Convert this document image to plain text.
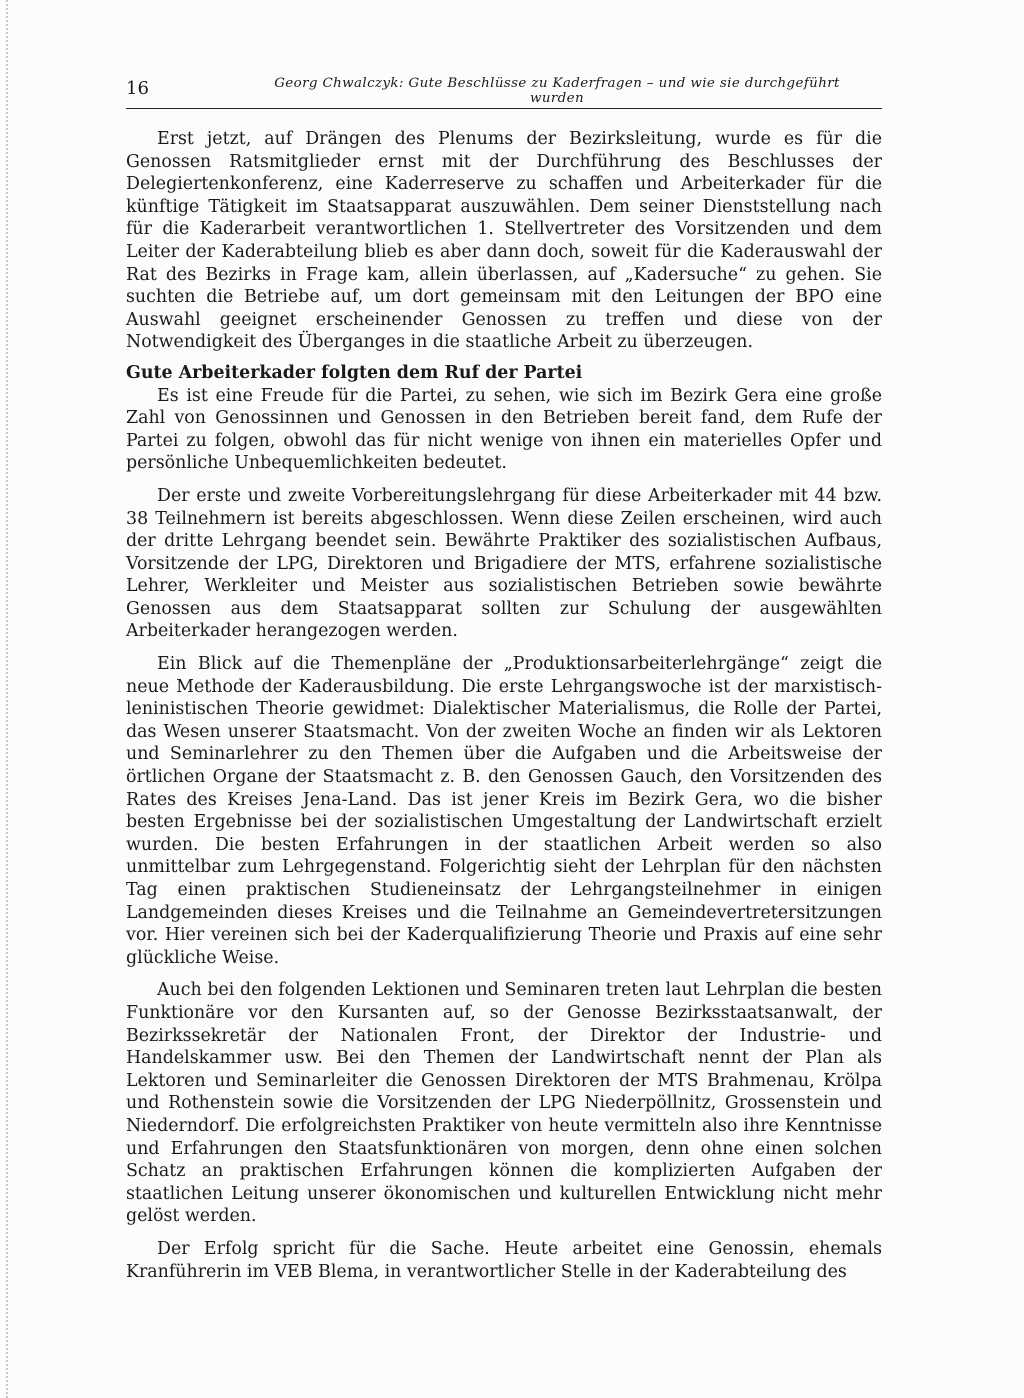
16	Georg Chwalczyk: Gute Beschlüsse zu Kaderfragen – und wie sie durchgeführt
wurden

Erst jetzt, auf Drängen des Plenums der Bezirksleitung, wurde es für die Genossen Ratsmitglieder ernst mit der Durchführung des Beschlusses der Delegiertenkonferenz, eine Kaderreserve zu schaffen und Arbeiterkader für die künftige Tätigkeit im Staatsapparat auszuwählen. Dem seiner Dienststellung nach für die Kaderarbeit verantwortlichen 1. Stellvertreter des Vorsitzenden und dem Leiter der Kaderabteilung blieb es aber dann doch, soweit für die Kaderauswahl der Rat des Bezirks in Frage kam, allein überlassen, auf „Kadersuche“ zu gehen. Sie suchten die Betriebe auf, um dort gemeinsam mit den Leitungen der BPO eine Auswahl geeignet erscheinender Genossen zu treffen und diese von der Notwendigkeit des Überganges in die staatliche Arbeit zu überzeugen.

Gute Arbeiterkader folgten dem Ruf der Partei

Es ist eine Freude für die Partei, zu sehen, wie sich im Bezirk Gera eine große Zahl von Genossinnen und Genossen in den Betrieben bereit fand, dem Rufe der Partei zu folgen, obwohl das für nicht wenige von ihnen ein materielles Opfer und persönliche Unbequemlichkeiten bedeutet.

Der erste und zweite Vorbereitungslehrgang für diese Arbeiterkader mit 44 bzw. 38 Teilnehmern ist bereits abgeschlossen. Wenn diese Zeilen erscheinen, wird auch der dritte Lehrgang beendet sein. Bewährte Praktiker des sozialistischen Aufbaus, Vorsitzende der LPG, Direktoren und Brigadiere der MTS, erfahrene sozialistische Lehrer, Werkleiter und Meister aus sozialistischen Betrieben sowie bewährte Genossen aus dem Staatsapparat sollten zur Schulung der ausgewählten Arbeiterkader herangezogen werden.

Ein Blick auf die Themenpläne der „Produktionsarbeiterlehrgänge“ zeigt die neue Methode der Kaderausbildung. Die erste Lehrgangswoche ist der marxistisch-leninistischen Theorie gewidmet: Dialektischer Materialismus, die Rolle der Partei, das Wesen unserer Staatsmacht. Von der zweiten Woche an finden wir als Lektoren und Seminarlehrer zu den Themen über die Aufgaben und die Arbeitsweise der örtlichen Organe der Staatsmacht z. B. den Genossen Gauch, den Vorsitzenden des Rates des Kreises Jena-Land. Das ist jener Kreis im Bezirk Gera, wo die bisher besten Ergebnisse bei der sozialistischen Umgestaltung der Landwirtschaft erzielt wurden. Die besten Erfahrungen in der staatlichen Arbeit werden so also unmittelbar zum Lehrgegenstand. Folgerichtig sieht der Lehrplan für den nächsten Tag einen praktischen Studieneinsatz der Lehrgangsteilnehmer in einigen Landgemeinden dieses Kreises und die Teilnahme an Gemeindevertretersitzungen vor. Hier vereinen sich bei der Kaderqualifizierung Theorie und Praxis auf eine sehr glückliche Weise.

Auch bei den folgenden Lektionen und Seminaren treten laut Lehrplan die besten Funktionäre vor den Kursanten auf, so der Genosse Bezirksstaatsanwalt, der Bezirkssekretär der Nationalen Front, der Direktor der Industrie- und Handelskammer usw. Bei den Themen der Landwirtschaft nennt der Plan als Lektoren und Seminarleiter die Genossen Direktoren der MTS Brahmenau, Krölpa und Rothenstein sowie die Vorsitzenden der LPG Niederpöllnitz, Grossenstein und Niederndorf. Die erfolgreichsten Praktiker von heute vermitteln also ihre Kenntnisse und Erfahrungen den Staatsfunktionären von morgen, denn ohne einen solchen Schatz an praktischen Erfahrungen können die komplizierten Aufgaben der staatlichen Leitung unserer ökonomischen und kulturellen Entwicklung nicht mehr gelöst werden.

Der Erfolg spricht für die Sache. Heute arbeitet eine Genossin, ehemals Kranführerin im VEB Blema, in verantwortlicher Stelle in der Kaderabteilung des
